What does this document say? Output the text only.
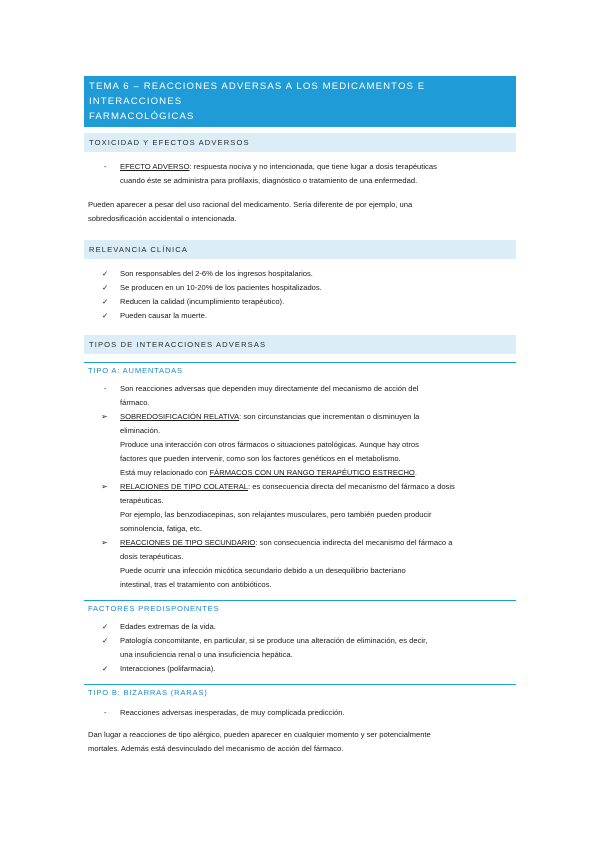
TEMA 6 – REACCIONES ADVERSAS A LOS MEDICAMENTOS E INTERACCIONES
FARMACOLÓGICAS
TOXICIDAD Y EFECTOS ADVERSOS
- EFECTO ADVERSO: respuesta nociva y no intencionada, que tiene lugar a dosis terapéuticas
cuando éste se administra para profilaxis, diagnóstico o tratamiento de una enfermedad.
Pueden aparecer a pesar del uso racional del medicamento. Sería diferente de por ejemplo, una
sobredosificación accidental o intencionada.
RELEVANCIA CLÍNICA
✓ Son responsables del 2-6% de los ingresos hospitalarios.
✓ Se producen en un 10-20% de los pacientes hospitalizados.
✓ Reducen la calidad (incumplimiento terapéutico).
✓ Pueden causar la muerte.
TIPOS DE INTERACCIONES ADVERSAS
TIPO A: AUMENTADAS
- Son reacciones adversas que dependen muy directamente del mecanismo de acción del
fármaco.
➢ SOBREDOSIFICACIÓN RELATIVA: son circunstancias que incrementan o disminuyen la
eliminación.
Produce una interacción con otros fármacos o situaciones patológicas. Aunque hay otros
factores que pueden intervenir, como son los factores genéticos en el metabolismo.
Está muy relacionado con FÁRMACOS CON UN RANGO TERAPÉUTICO ESTRECHO.
➢ RELACIONES DE TIPO COLATERAL: es consecuencia directa del mecanismo del fármaco a dosis
terapéuticas.
Por ejemplo, las benzodiacepinas, son relajantes musculares, pero también pueden producir
somnolencia, fatiga, etc.
➢ REACCIONES DE TIPO SECUNDARIO: son consecuencia indirecta del mecanismo del fármaco a
dosis terapéuticas.
Puede ocurrir una infección micótica secundario debido a un desequilibrio bacteriano
intestinal, tras el tratamiento con antibióticos.
FACTORES PREDISPONENTES
✓ Edades extremas de la vida.
✓ Patología concomitante, en particular, si se produce una alteración de eliminación, es decir,
una insuficiencia renal o una insuficiencia hepática.
✓ Interacciones (polifarmacia).
TIPO B: BIZARRAS (RARAS)
- Reacciones adversas inesperadas, de muy complicada predicción.
Dan lugar a reacciones de tipo alérgico, pueden aparecer en cualquier momento y ser potencialmente
mortales. Además está desvinculado del mecanismo de acción del fármaco.
